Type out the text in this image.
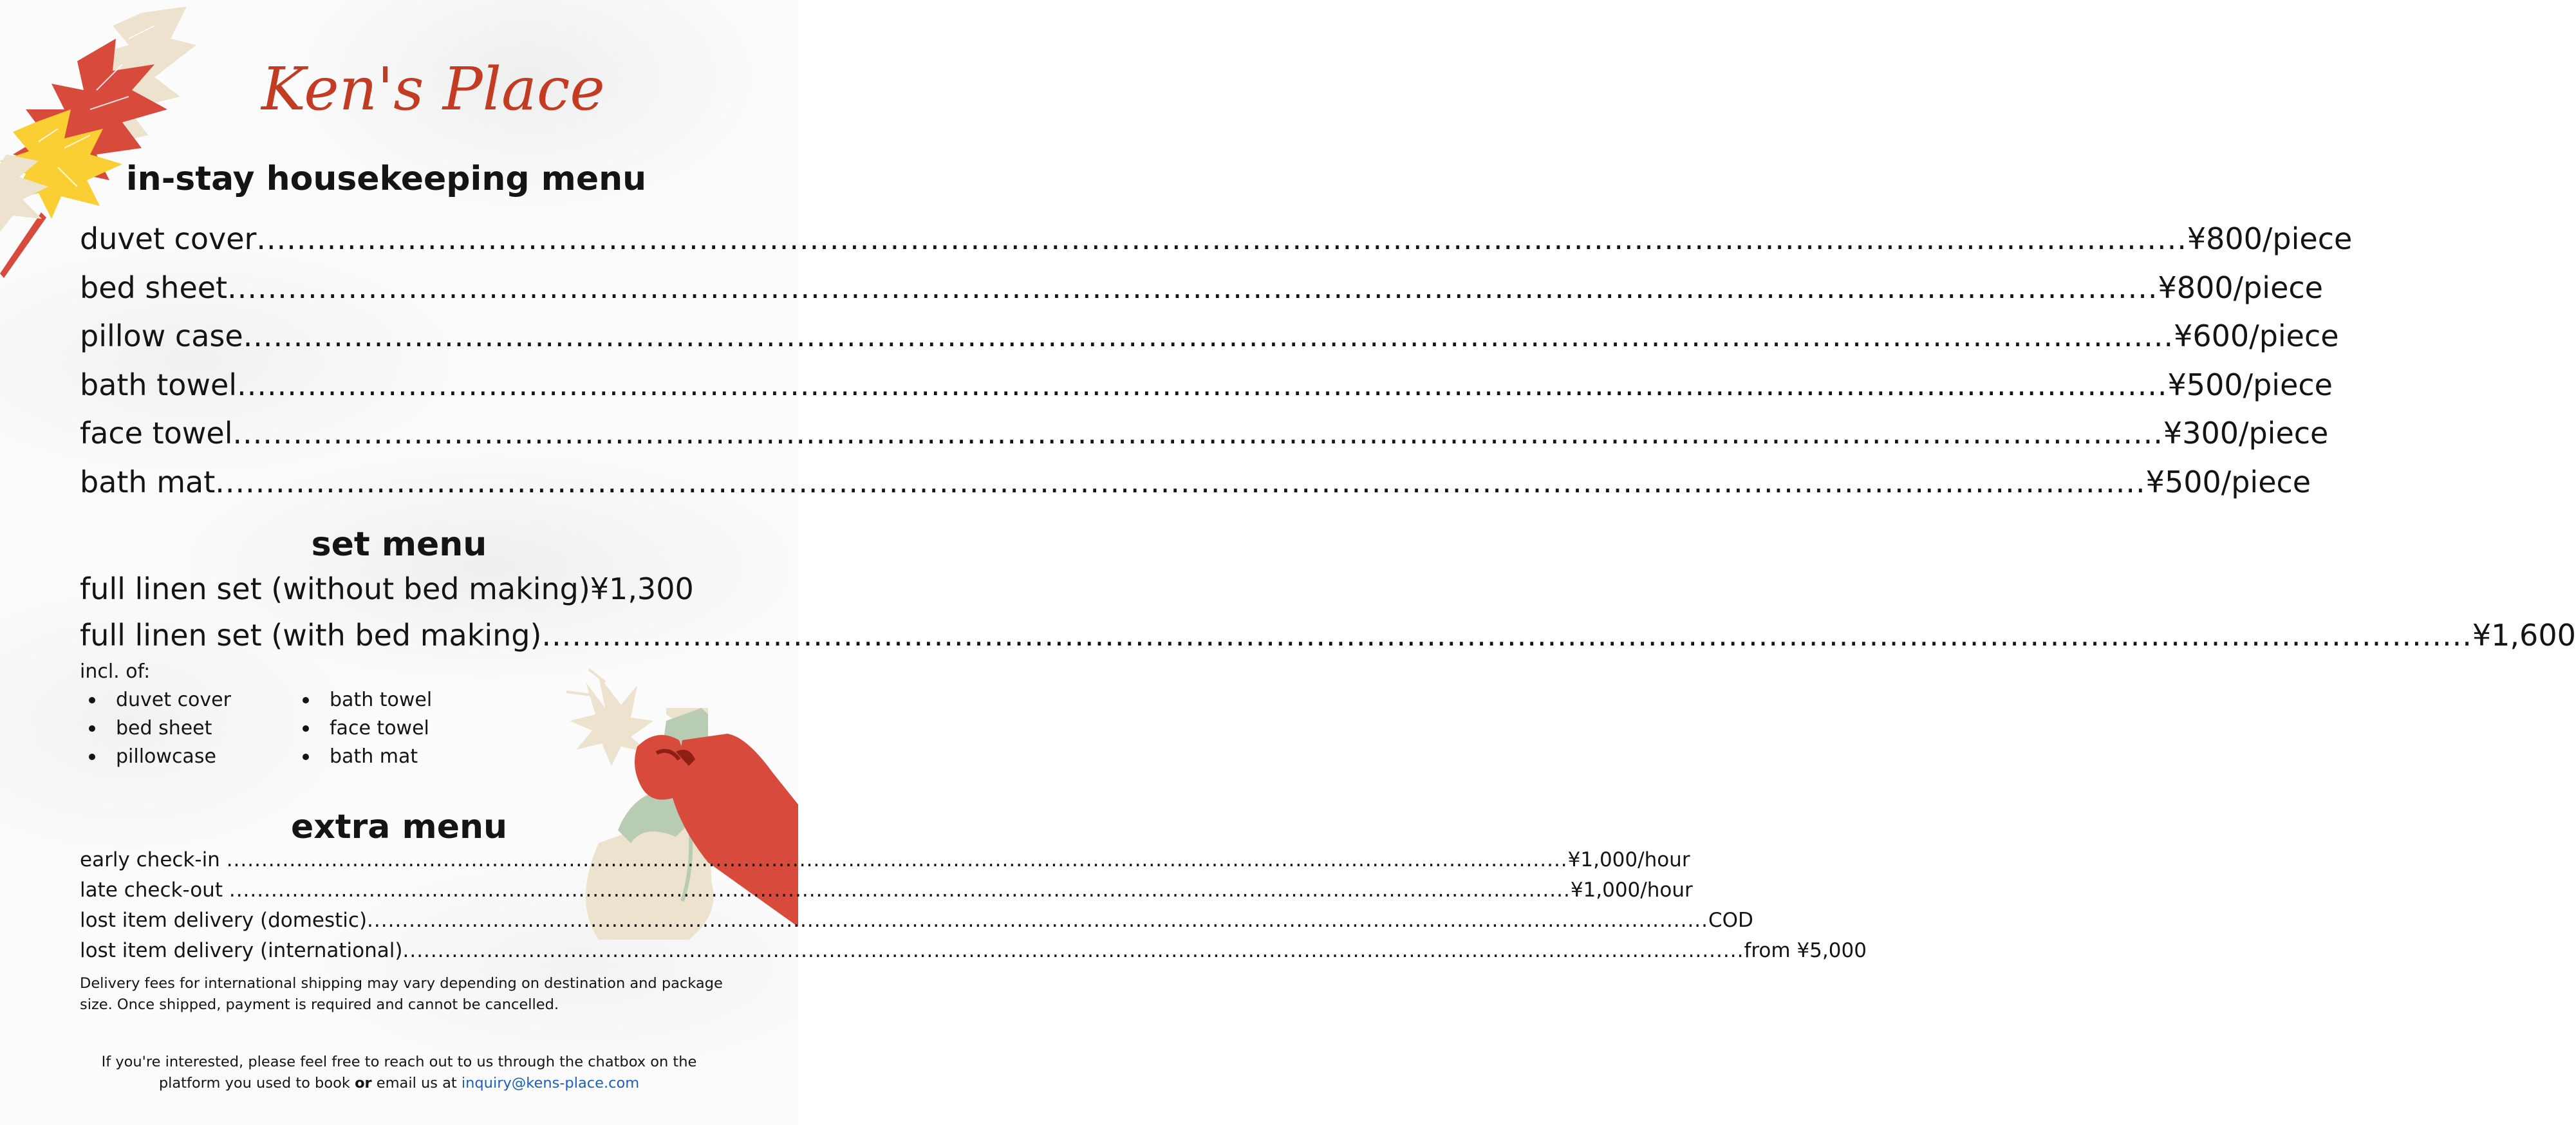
Ken's Place
in-stay housekeeping menu
duvet cover .....	¥800/piece
bed sheet .....	¥800/piece
pillow case .....	¥600/piece
bath towel .....	¥500/piece
face towel .....	¥300/piece
bath mat .....	¥500/piece
set menu
full linen set (without bed making) ¥1,300
full linen set (with bed making) .....	¥1,600
incl. of:
duvet cover
bed sheet
pillowcase
bath towel
face towel
bath mat
extra menu
early check-in .....	¥1,000/hour
late check-out .....	¥1,000/hour
lost item delivery (domestic) .....	COD
lost item delivery (international) .....	from ¥5,000

Delivery fees for international shipping may vary depending on destination and package size. Once shipped, payment is required and cannot be cancelled.

If you're interested, please feel free to reach out to us through the chatbox on the
platform you used to book or email us at inquiry@kens-place.com
